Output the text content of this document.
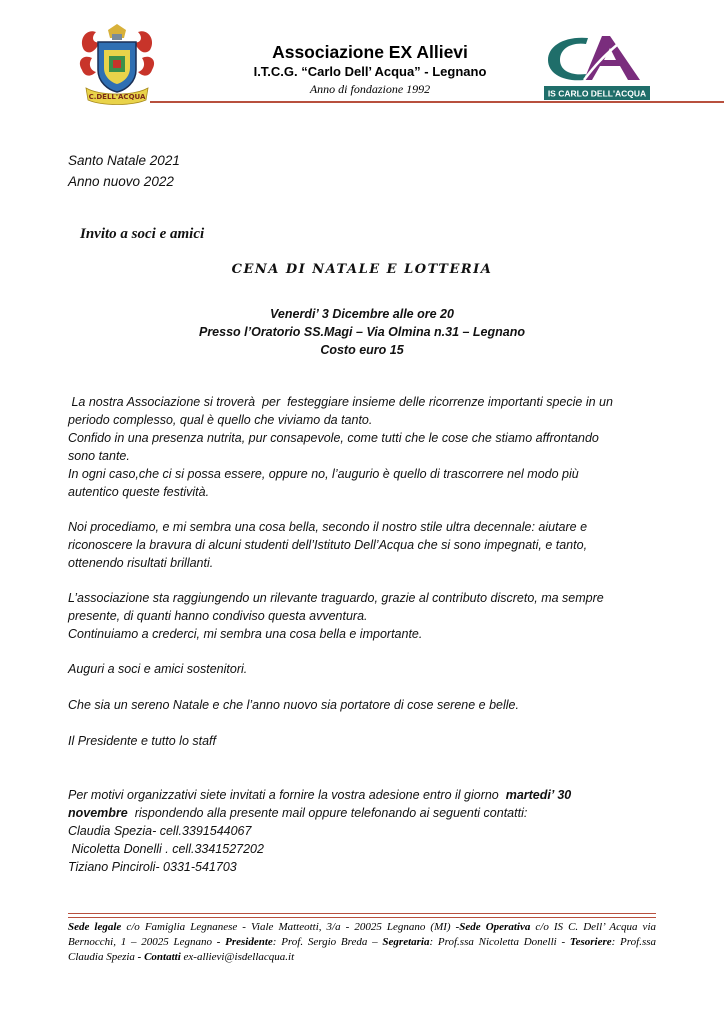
C.DELL'ACQUA
Associazione EX Allievi
I.T.C.G. “Carlo Dell’ Acqua” - Legnano
Anno di fondazione 1992	IS CARLO DELL'ACQUA
Santo Natale 2021
Anno nuovo 2022
Invito a soci e amici
CENA DI NATALE E LOTTERIA
Venerdi’ 3 Dicembre alle ore 20
Presso l’Oratorio SS.Magi – Via Olmina n.31 – Legnano
Costo euro 15

La nostra Associazione si troverà  per  festeggiare insieme delle ricorrenze importanti specie in un

periodo complesso, qual è quello che viviamo da tanto.

Confido in una presenza nutrita, pur consapevole, come tutti che le cose che stiamo affrontando

sono tante.

In ogni caso,che ci si possa essere, oppure no, l’augurio è quello di trascorrere nel modo più

autentico queste festività.

Noi procediamo, e mi sembra una cosa bella, secondo il nostro stile ultra decennale: aiutare e

riconoscere la bravura di alcuni studenti dell’Istituto Dell’Acqua che si sono impegnati, e tanto,

ottenendo risultati brillanti.

L’associazione sta raggiungendo un rilevante traguardo, grazie al contributo discreto, ma sempre

presente, di quanti hanno condiviso questa avventura.

Continuiamo a crederci, mi sembra una cosa bella e importante.

Auguri a soci e amici sostenitori.
Che sia un sereno Natale e che l’anno nuovo sia portatore di cose serene e belle.
Il Presidente e tutto lo staff

Per motivi organizzativi siete invitati a fornire la vostra adesione entro il giorno  martedi’ 30

novembre  rispondendo alla presente mail oppure telefonando ai seguenti contatti:

Claudia Spezia- cell.3391544067

Nicoletta Donelli . cell.3341527202

Tiziano Pinciroli- 0331-541703

Sede legale c/o Famiglia Legnanese - Viale Matteotti, 3/a - 20025 Legnano (MI) -Sede Operativa c/o IS C. Dell’ Acqua via Bernocchi, 1 – 20025 Legnano - Presidente: Prof. Sergio Breda – Segretaria: Prof.ssa Nicoletta Donelli - Tesoriere: Prof.ssa Claudia Spezia - Contatti ex-allievi@isdellacqua.it
